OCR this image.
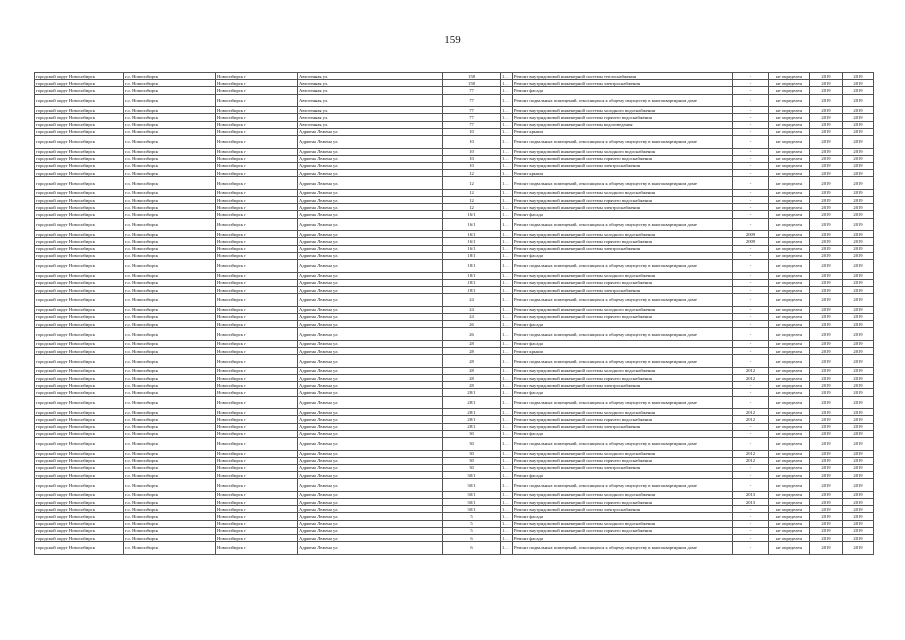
159
городской округ Новосибирск	г.о. Новосибирск	Новосибирск г	Автогенная ул.	158	1961	Ремонт внутридомовой инженерной системы теплоснабжения	-	не определен	2019	2019
городской округ Новосибирск	г.о. Новосибирск	Новосибирск г	Автогенная ул.	158	1961	Ремонт внутридомовой инженерной системы электроснабжения	-	не определен	2019	2019
городской округ Новосибирск	г.о. Новосибирск	Новосибирск г	Автогенная ул.	77	1970	Ремонт фасада	-	не определен	2019	2019
городской округ Новосибирск	г.о. Новосибирск	Новосибирск г	Автогенная ул.	77	1970	Ремонт подвальных помещений, относящихся к общему имуществу в многоквартирном доме	-	не определен	2019	2019
городской округ Новосибирск	г.о. Новосибирск	Новосибирск г	Автогенная ул.	77	1970	Ремонт внутридомовой инженерной системы холодного водоснабжения	-	не определен	2019	2019
городской округ Новосибирск	г.о. Новосибирск	Новосибирск г	Автогенная ул.	77	1970	Ремонт внутридомовой инженерной системы горячего водоснабжения	-	не определен	2019	2019
городской округ Новосибирск	г.о. Новосибирск	Новосибирск г	Автогенная ул.	77	1970	Ремонт внутридомовой инженерной системы водоотведения	-	не определен	2019	2019
городской округ Новосибирск	г.о. Новосибирск	Новосибирск г	Адриена Лежена ул.	10	1971	Ремонт крыши	-	не определен	2019	2019
городской округ Новосибирск	г.о. Новосибирск	Новосибирск г	Адриена Лежена ул.	10	1971	Ремонт подвальных помещений, относящихся к общему имуществу в многоквартирном доме	-	не определен	2019	2019
городской округ Новосибирск	г.о. Новосибирск	Новосибирск г	Адриена Лежена ул.	10	1971	Ремонт внутридомовой инженерной системы холодного водоснабжения	-	не определен	2019	2019
городской округ Новосибирск	г.о. Новосибирск	Новосибирск г	Адриена Лежена ул.	10	1971	Ремонт внутридомовой инженерной системы горячего водоснабжения	-	не определен	2019	2019
городской округ Новосибирск	г.о. Новосибирск	Новосибирск г	Адриена Лежена ул.	10	1971	Ремонт внутридомовой инженерной системы электроснабжения	-	не определен	2019	2019
городской округ Новосибирск	г.о. Новосибирск	Новосибирск г	Адриена Лежена ул.	12	1969	Ремонт крыши	-	не определен	2019	2019
городской округ Новосибирск	г.о. Новосибирск	Новосибирск г	Адриена Лежена ул.	12	1969	Ремонт подвальных помещений, относящихся к общему имуществу в многоквартирном доме	-	не определен	2019	2019
городской округ Новосибирск	г.о. Новосибирск	Новосибирск г	Адриена Лежена ул.	12	1969	Ремонт внутридомовой инженерной системы холодного водоснабжения	-	не определен	2019	2019
городской округ Новосибирск	г.о. Новосибирск	Новосибирск г	Адриена Лежена ул.	12	1969	Ремонт внутридомовой инженерной системы горячего водоснабжения	-	не определен	2019	2019
городской округ Новосибирск	г.о. Новосибирск	Новосибирск г	Адриена Лежена ул.	12	1969	Ремонт внутридомовой инженерной системы электроснабжения	-	не определен	2019	2019
городской округ Новосибирск	г.о. Новосибирск	Новосибирск г	Адриена Лежена ул.	16/1	1967	Ремонт фасада	-	не определен	2019	2019
городской округ Новосибирск	г.о. Новосибирск	Новосибирск г	Адриена Лежена ул.	16/1	1967	Ремонт подвальных помещений, относящихся к общему имуществу в многоквартирном доме	-	не определен	2019	2019
городской округ Новосибирск	г.о. Новосибирск	Новосибирск г	Адриена Лежена ул.	16/1	1967	Ремонт внутридомовой инженерной системы холодного водоснабжения	2009	не определен	2019	2019
городской округ Новосибирск	г.о. Новосибирск	Новосибирск г	Адриена Лежена ул.	16/1	1967	Ремонт внутридомовой инженерной системы горячего водоснабжения	2009	не определен	2019	2019
городской округ Новосибирск	г.о. Новосибирск	Новосибирск г	Адриена Лежена ул.	16/1	1967	Ремонт внутридомовой инженерной системы электроснабжения	-	не определен	2019	2019
городской округ Новосибирск	г.о. Новосибирск	Новосибирск г	Адриена Лежена ул.	18/1	1969	Ремонт фасада	-	не определен	2019	2019
городской округ Новосибирск	г.о. Новосибирск	Новосибирск г	Адриена Лежена ул.	18/1	1969	Ремонт подвальных помещений, относящихся к общему имуществу в многоквартирном доме	-	не определен	2019	2019
городской округ Новосибирск	г.о. Новосибирск	Новосибирск г	Адриена Лежена ул.	18/1	1969	Ремонт внутридомовой инженерной системы холодного водоснабжения	-	не определен	2019	2019
городской округ Новосибирск	г.о. Новосибирск	Новосибирск г	Адриена Лежена ул.	18/1	1969	Ремонт внутридомовой инженерной системы горячего водоснабжения	-	не определен	2019	2019
городской округ Новосибирск	г.о. Новосибирск	Новосибирск г	Адриена Лежена ул.	18/1	1969	Ремонт внутридомовой инженерной системы электроснабжения	-	не определен	2019	2019
городской округ Новосибирск	г.о. Новосибирск	Новосибирск г	Адриена Лежена ул.	24	1968	Ремонт подвальных помещений, относящихся к общему имуществу в многоквартирном доме	-	не определен	2019	2019
городской округ Новосибирск	г.о. Новосибирск	Новосибирск г	Адриена Лежена ул.	24	1968	Ремонт внутридомовой инженерной системы холодного водоснабжения	-	не определен	2019	2019
городской округ Новосибирск	г.о. Новосибирск	Новосибирск г	Адриена Лежена ул.	24	1968	Ремонт внутридомовой инженерной системы горячего водоснабжения	-	не определен	2019	2019
городской округ Новосибирск	г.о. Новосибирск	Новосибирск г	Адриена Лежена ул.	26	1967	Ремонт фасада	-	не определен	2019	2019
городской округ Новосибирск	г.о. Новосибирск	Новосибирск г	Адриена Лежена ул.	26	1967	Ремонт подвальных помещений, относящихся к общему имуществу в многоквартирном доме	-	не определен	2019	2019
городской округ Новосибирск	г.о. Новосибирск	Новосибирск г	Адриена Лежена ул.	28	1968	Ремонт фасада	-	не определен	2019	2019
городской округ Новосибирск	г.о. Новосибирск	Новосибирск г	Адриена Лежена ул.	28	1968	Ремонт крыши	-	не определен	2019	2019
городской округ Новосибирск	г.о. Новосибирск	Новосибирск г	Адриена Лежена ул.	28	1968	Ремонт подвальных помещений, относящихся к общему имуществу в многоквартирном доме	-	не определен	2019	2019
городской округ Новосибирск	г.о. Новосибирск	Новосибирск г	Адриена Лежена ул.	28	1968	Ремонт внутридомовой инженерной системы холодного водоснабжения	2012	не определен	2019	2019
городской округ Новосибирск	г.о. Новосибирск	Новосибирск г	Адриена Лежена ул.	28	1968	Ремонт внутридомовой инженерной системы горячего водоснабжения	2012	не определен	2019	2019
городской округ Новосибирск	г.о. Новосибирск	Новосибирск г	Адриена Лежена ул.	28	1968	Ремонт внутридомовой инженерной системы электроснабжения	-	не определен	2019	2019
городской округ Новосибирск	г.о. Новосибирск	Новосибирск г	Адриена Лежена ул.	28/1	1966	Ремонт фасада	-	не определен	2019	2019
городской округ Новосибирск	г.о. Новосибирск	Новосибирск г	Адриена Лежена ул.	28/1	1966	Ремонт подвальных помещений, относящихся к общему имуществу в многоквартирном доме	-	не определен	2019	2019
городской округ Новосибирск	г.о. Новосибирск	Новосибирск г	Адриена Лежена ул.	28/1	1966	Ремонт внутридомовой инженерной системы холодного водоснабжения	2012	не определен	2019	2019
городской округ Новосибирск	г.о. Новосибирск	Новосибирск г	Адриена Лежена ул.	28/1	1966	Ремонт внутридомовой инженерной системы горячего водоснабжения	2012	не определен	2019	2019
городской округ Новосибирск	г.о. Новосибирск	Новосибирск г	Адриена Лежена ул.	28/1	1966	Ремонт внутридомовой инженерной системы электроснабжения	-	не определен	2019	2019
городской округ Новосибирск	г.о. Новосибирск	Новосибирск г	Адриена Лежена ул.	30	1966	Ремонт фасада	-	не определен	2019	2019
городской округ Новосибирск	г.о. Новосибирск	Новосибирск г	Адриена Лежена ул.	30	1966	Ремонт подвальных помещений, относящихся к общему имуществу в многоквартирном доме	-	не определен	2019	2019
городской округ Новосибирск	г.о. Новосибирск	Новосибирск г	Адриена Лежена ул.	30	1966	Ремонт внутридомовой инженерной системы холодного водоснабжения	2012	не определен	2019	2019
городской округ Новосибирск	г.о. Новосибирск	Новосибирск г	Адриена Лежена ул.	30	1966	Ремонт внутридомовой инженерной системы горячего водоснабжения	2012	не определен	2019	2019
городской округ Новосибирск	г.о. Новосибирск	Новосибирск г	Адриена Лежена ул.	30	1966	Ремонт внутридомовой инженерной системы электроснабжения	-	не определен	2019	2019
городской округ Новосибирск	г.о. Новосибирск	Новосибирск г	Адриена Лежена ул.	30/1	1968	Ремонт фасада	-	не определен	2019	2019
городской округ Новосибирск	г.о. Новосибирск	Новосибирск г	Адриена Лежена ул.	30/1	1968	Ремонт подвальных помещений, относящихся к общему имуществу в многоквартирном доме	-	не определен	2019	2019
городской округ Новосибирск	г.о. Новосибирск	Новосибирск г	Адриена Лежена ул.	30/1	1968	Ремонт внутридомовой инженерной системы холодного водоснабжения	2013	не определен	2019	2019
городской округ Новосибирск	г.о. Новосибирск	Новосибирск г	Адриена Лежена ул.	30/1	1968	Ремонт внутридомовой инженерной системы горячего водоснабжения	2013	не определен	2019	2019
городской округ Новосибирск	г.о. Новосибирск	Новосибирск г	Адриена Лежена ул.	30/1	1968	Ремонт внутридомовой инженерной системы электроснабжения	-	не определен	2019	2019
городской округ Новосибирск	г.о. Новосибирск	Новосибирск г	Адриена Лежена ул.	5	1974	Ремонт фасада	-	не определен	2019	2019
городской округ Новосибирск	г.о. Новосибирск	Новосибирск г	Адриена Лежена ул.	5	1974	Ремонт внутридомовой инженерной системы холодного водоснабжения	-	не определен	2019	2019
городской округ Новосибирск	г.о. Новосибирск	Новосибирск г	Адриена Лежена ул.	5	1974	Ремонт внутридомовой инженерной системы горячего водоснабжения	-	не определен	2019	2019
городской округ Новосибирск	г.о. Новосибирск	Новосибирск г	Адриена Лежена ул.	6	1967	Ремонт фасада	-	не определен	2019	2019
городской округ Новосибирск	г.о. Новосибирск	Новосибирск г	Адриена Лежена ул.	6	1967	Ремонт подвальных помещений, относящихся к общему имуществу в многоквартирном доме	-	не определен	2019	2019
